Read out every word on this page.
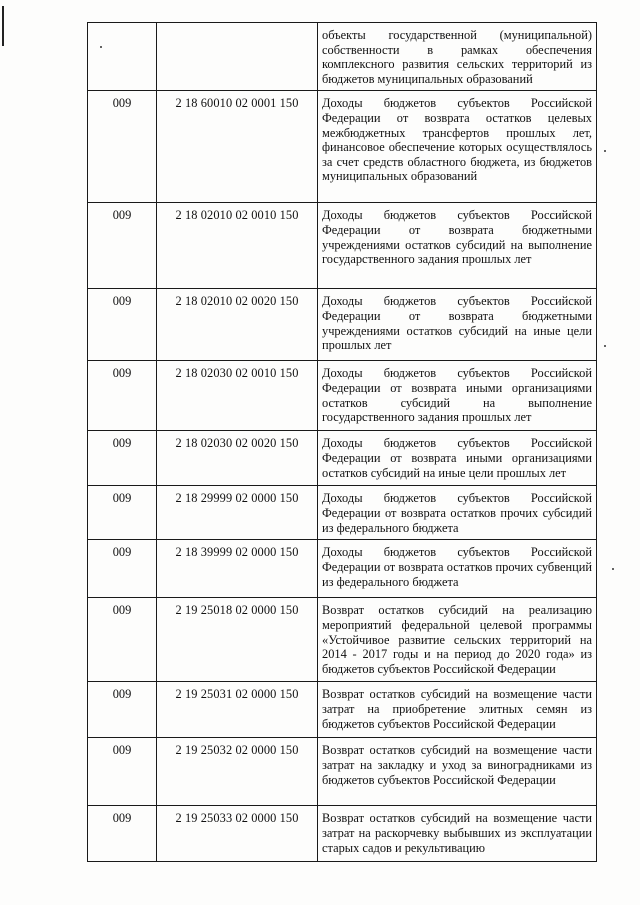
		объекты государственной (муниципальной) собственности в рамках обеспечения комплексного развития сельских территорий из бюджетов муниципальных образований

009	2 18 60010 02 0001 150	Доходы бюджетов субъектов Российской Федерации от возврата остатков целевых межбюджетных трансфертов прошлых лет, финансовое обеспечение которых осуществлялось за счет средств областного бюджета, из бюджетов муниципальных образований

009	2 18 02010 02 0010 150	Доходы бюджетов субъектов Российской Федерации от возврата бюджетными учреждениями остатков субсидий на выполнение государственного задания прошлых лет

009	2 18 02010 02 0020 150	Доходы бюджетов субъектов Российской Федерации от возврата бюджетными учреждениями остатков субсидий на иные цели прошлых лет

009	2 18 02030 02 0010 150	Доходы бюджетов субъектов Российской Федерации от возврата иными организациями остатков субсидий на выполнение государственного задания прошлых лет

009	2 18 02030 02 0020 150	Доходы бюджетов субъектов Российской Федерации от возврата иными организациями остатков субсидий на иные цели прошлых лет

009	2 18 29999 02 0000 150	Доходы бюджетов субъектов Российской Федерации от возврата остатков прочих субсидий из федерального бюджета

009	2 18 39999 02 0000 150	Доходы бюджетов субъектов Российской Федерации от возврата остатков прочих субвенций из федерального бюджета

009	2 19 25018 02 0000 150	Возврат остатков субсидий на реализацию мероприятий федеральной целевой программы «Устойчивое развитие сельских территорий на 2014 - 2017 годы и на период до 2020 года» из бюджетов субъектов Российской Федерации

009	2 19 25031 02 0000 150	Возврат остатков субсидий на возмещение части затрат на приобретение элитных семян из бюджетов субъектов Российской Федерации

009	2 19 25032 02 0000 150	Возврат остатков субсидий на возмещение части затрат на закладку и уход за виноградниками из бюджетов субъектов Российской Федерации

009	2 19 25033 02 0000 150	Возврат остатков субсидий на возмещение части затрат на раскорчевку выбывших из эксплуатации старых садов и рекультивацию
